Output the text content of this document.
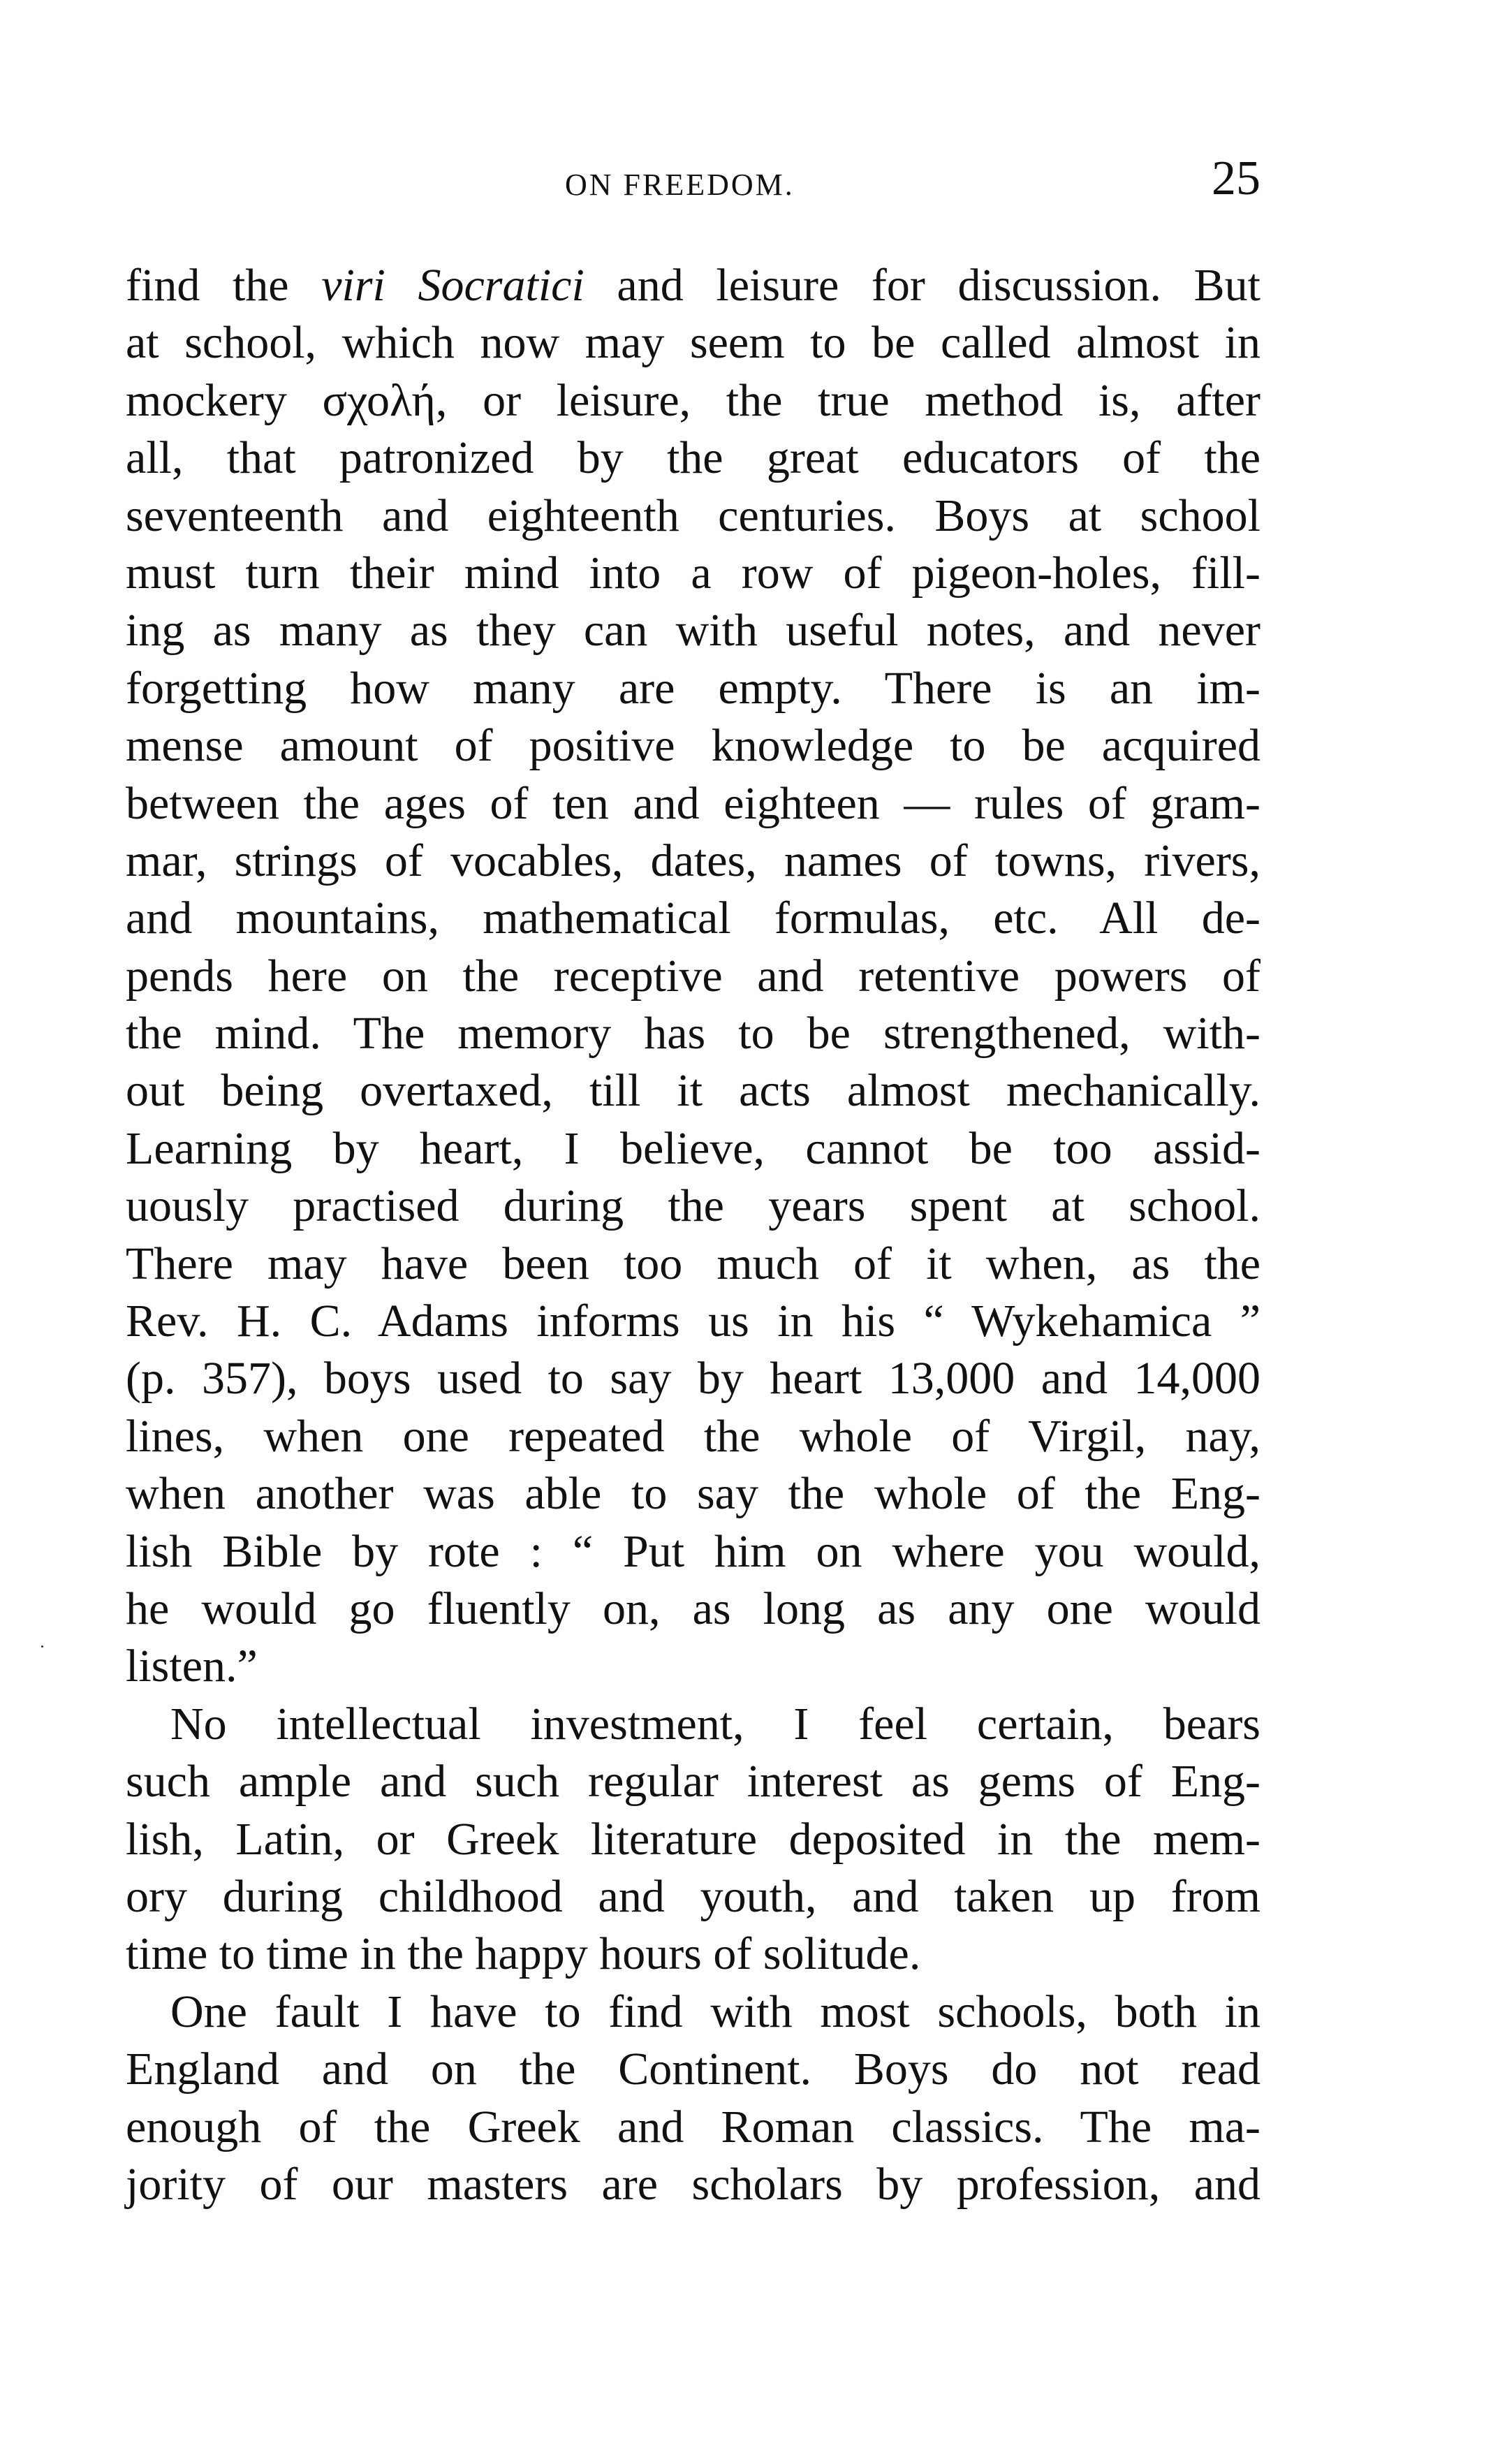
ON FREEDOM.	25
find the viri Socratici and leisure for discussion. But
at school, which now may seem to be called almost in
mockery σχολή, or leisure, the true method is, after
all, that patronized by the great educators of the
seventeenth and eighteenth centuries. Boys at school
must turn their mind into a row of pigeon-holes, fill-
ing as many as they can with useful notes, and never
forgetting how many are empty. There is an im-
mense amount of positive knowledge to be acquired
between the ages of ten and eighteen — rules of gram-
mar, strings of vocables, dates, names of towns, rivers,
and mountains, mathematical formulas, etc. All de-
pends here on the receptive and retentive powers of
the mind. The memory has to be strengthened, with-
out being overtaxed, till it acts almost mechanically.
Learning by heart, I believe, cannot be too assid-
uously practised during the years spent at school.
There may have been too much of it when, as the
Rev. H. C. Adams informs us in his “ Wykehamica ”
(p. 357), boys used to say by heart 13,000 and 14,000
lines, when one repeated the whole of Virgil, nay,
when another was able to say the whole of the Eng-
lish Bible by rote : “ Put him on where you would,
he would go fluently on, as long as any one would
listen.”
No intellectual investment, I feel certain, bears
such ample and such regular interest as gems of Eng-
lish, Latin, or Greek literature deposited in the mem-
ory during childhood and youth, and taken up from
time to time in the happy hours of solitude.
One fault I have to find with most schools, both in
England and on the Continent. Boys do not read
enough of the Greek and Roman classics. The ma-
jority of our masters are scholars by profession, and
